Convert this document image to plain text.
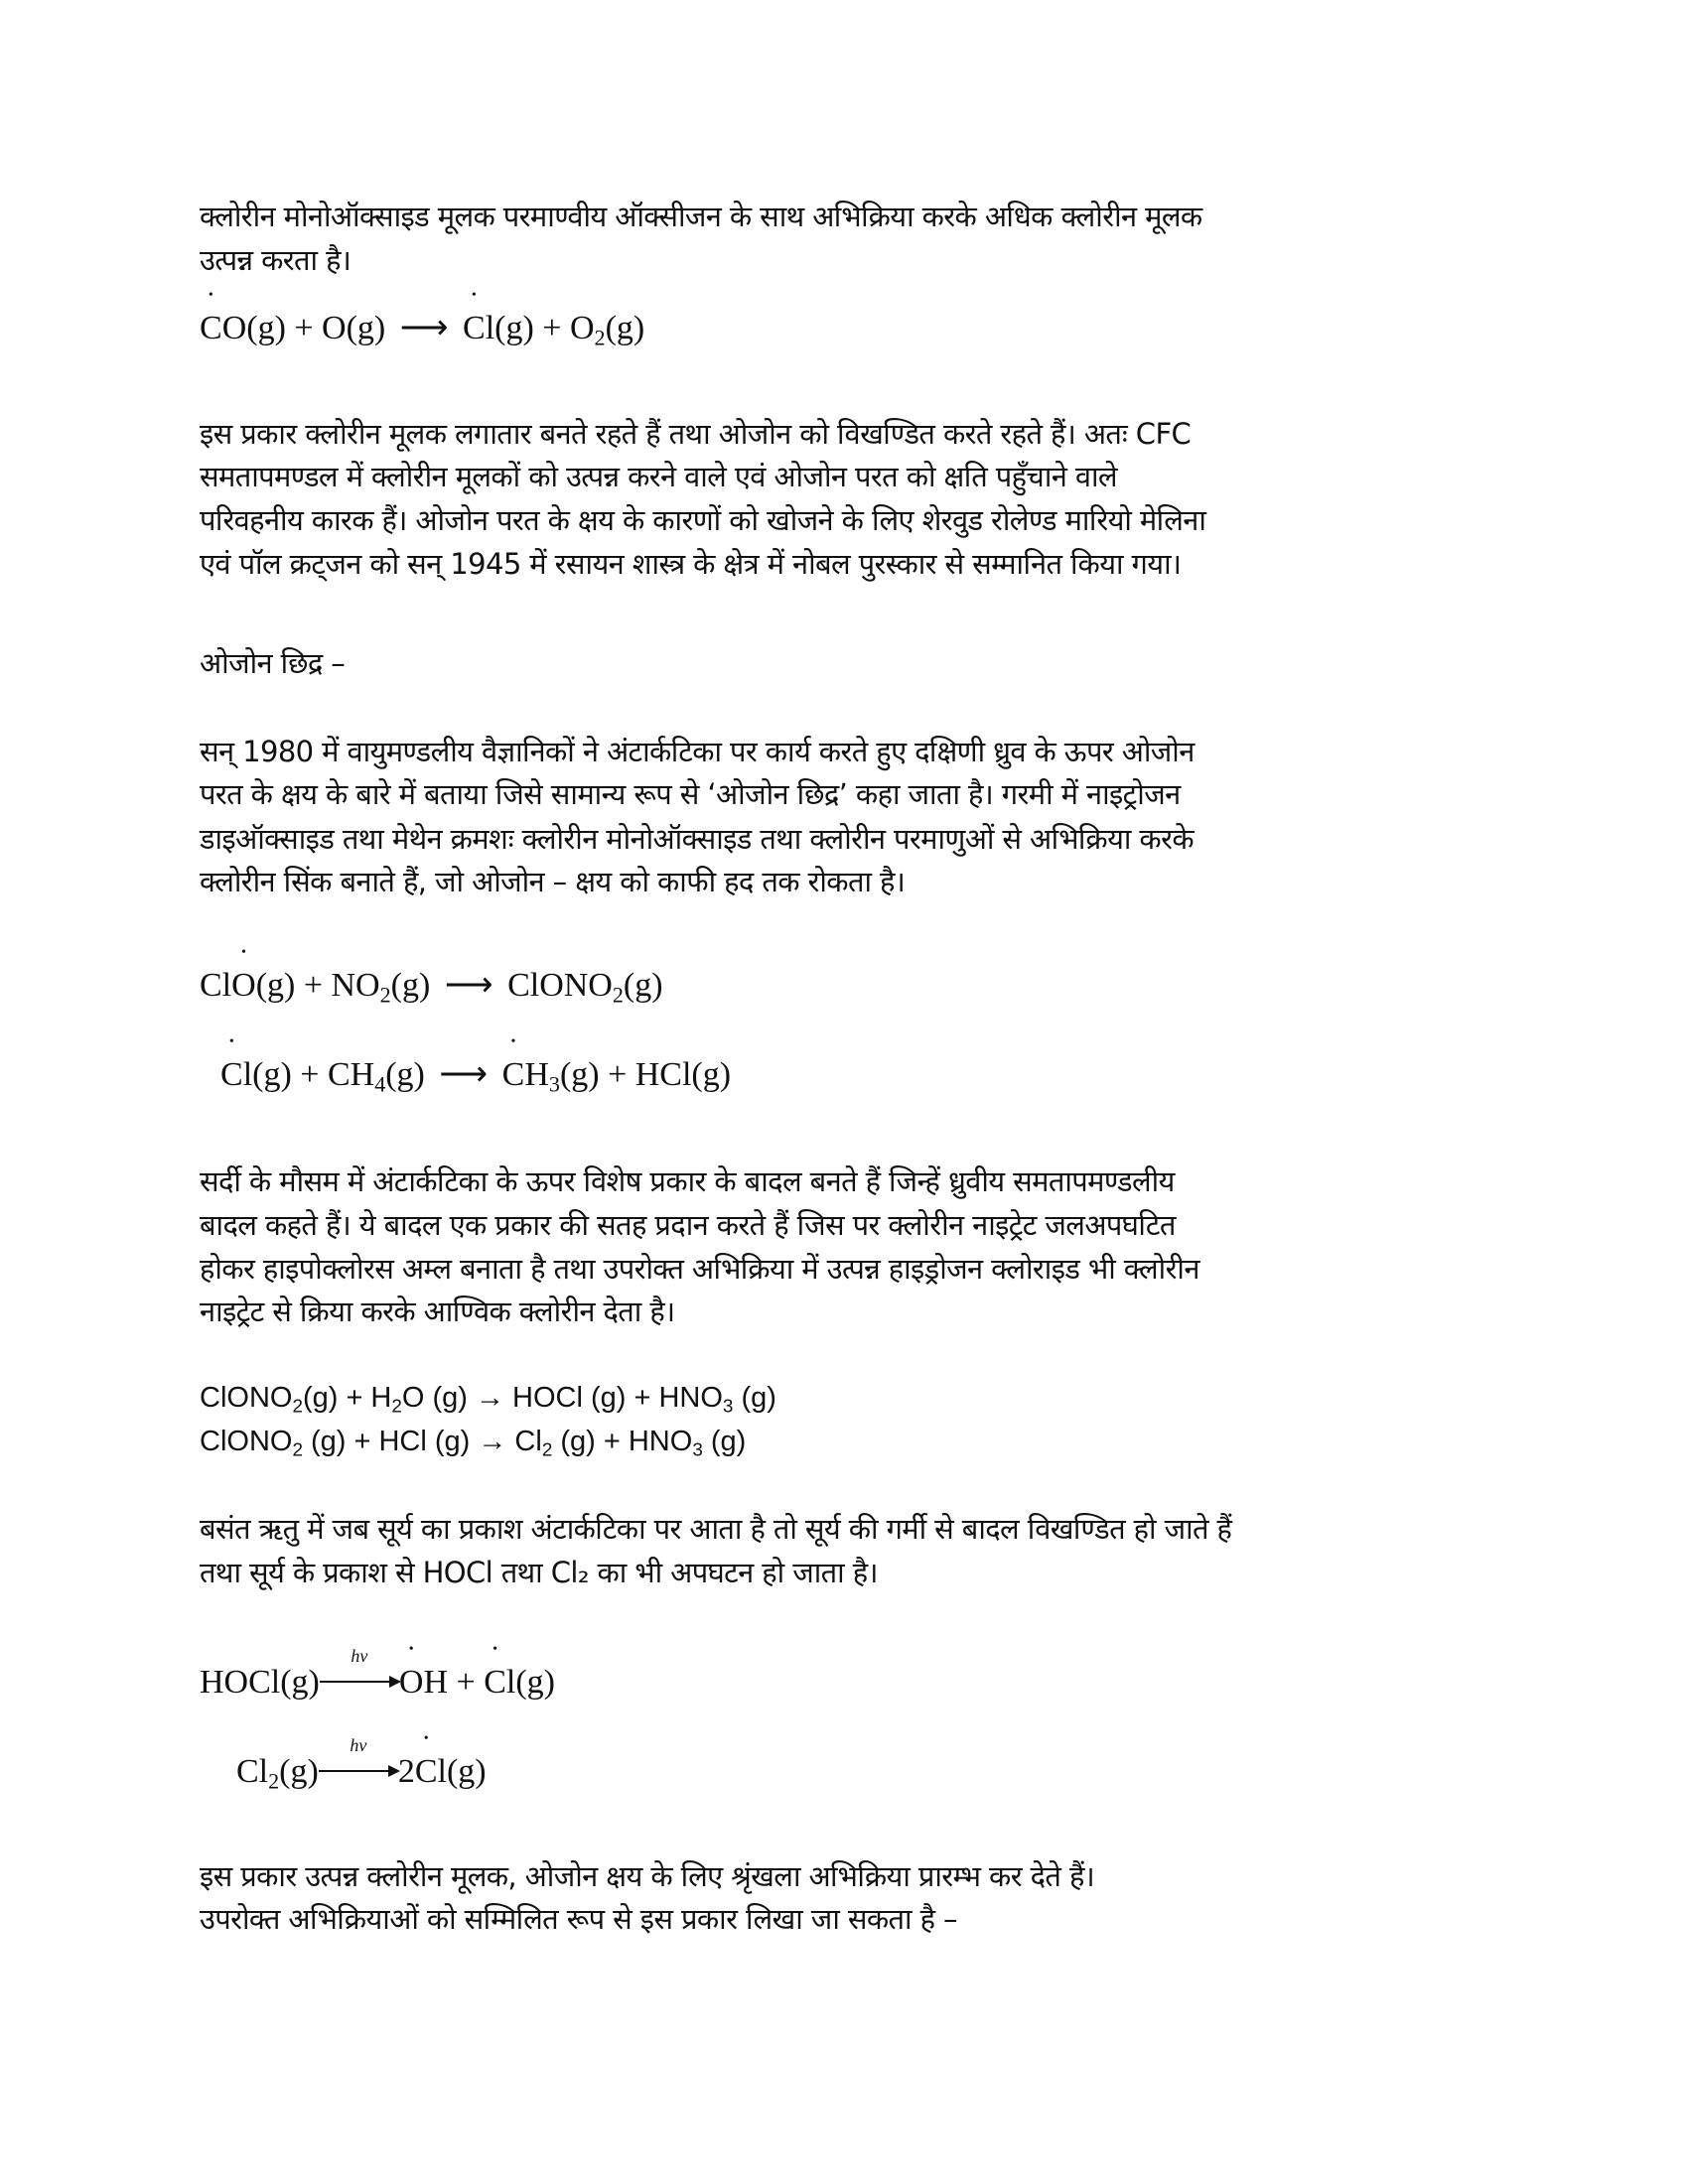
क्लोरीन मोनोऑक्साइड मूलक परमाण्वीय ऑक्सीजन के साथ अभिक्रिया करके अधिक क्लोरीन मूलक
उत्पन्न करता है।
• CO(g) + O(g) ⟶ • $Cl(g) + O_2(g)$
इस प्रकार क्लोरीन मूलक लगातार बनते रहते हैं तथा ओजोन को विखण्डित करते रहते हैं। अतः CFC
समतापमण्डल में क्लोरीन मूलकों को उत्पन्न करने वाले एवं ओजोन परत को क्षति पहुँचाने वाले
परिवहनीय कारक हैं। ओजोन परत के क्षय के कारणों को खोजने के लिए शेरवुड रोलेण्ड मारियो मेलिना
एवं पॉल क्रट्जन को सन् 1945 में रसायन शास्त्र के क्षेत्र में नोबल पुरस्कार से सम्मानित किया गया।
ओजोन छिद्र –
सन् 1980 में वायुमण्डलीय वैज्ञानिकों ने अंटार्कटिका पर कार्य करते हुए दक्षिणी ध्रुव के ऊपर ओजोन
परत के क्षय के बारे में बताया जिसे सामान्य रूप से ‘ओजोन छिद्र’ कहा जाता है। गरमी में नाइट्रोजन
डाइऑक्साइड तथा मेथेन क्रमशः क्लोरीन मोनोऑक्साइड तथा क्लोरीन परमाणुओं से अभिक्रिया करके
क्लोरीन सिंक बनाते हैं, जो ओजोन – क्षय को काफी हद तक रोकता है।
Cl• $O(g) + NO_2(g)$ ⟶ ClONO$_2$(g)
• $Cl(g) + CH_4(g)$ ⟶ • $CH_3(g) + HCl(g)$
सर्दी के मौसम में अंटार्कटिका के ऊपर विशेष प्रकार के बादल बनते हैं जिन्हें ध्रुवीय समतापमण्डलीय
बादल कहते हैं। ये बादल एक प्रकार की सतह प्रदान करते हैं जिस पर क्लोरीन नाइट्रेट जलअपघटित
होकर हाइपोक्लोरस अम्ल बनाता है तथा उपरोक्त अभिक्रिया में उत्पन्न हाइड्रोजन क्लोराइड भी क्लोरीन
नाइट्रेट से क्रिया करके आण्विक क्लोरीन देता है।
ClONO$_2$(g) + $H_2O$ (g) → HOCl $(g) + HNO_3$ (g)
ClONO$_2$ (g) + HCl $(g) \to Cl_2$ $(g) + HNO_3$ (g)
बसंत ऋतु में जब सूर्य का प्रकाश अंटार्कटिका पर आता है तो सूर्य की गर्मी से बादल विखण्डित हो जाते हैं
तथा सूर्य के प्रकाश से HOCl तथा Cl₂ का भी अपघटन हो जाता है।
HOCl(g)
hv
• OH + • Cl(g)
$Cl_2(g)$
hv
2• Cl(g)
इस प्रकार उत्पन्न क्लोरीन मूलक, ओजोन क्षय के लिए श्रृंखला अभिक्रिया प्रारम्भ कर देते हैं।
उपरोक्त अभिक्रियाओं को सम्मिलित रूप से इस प्रकार लिखा जा सकता है –
